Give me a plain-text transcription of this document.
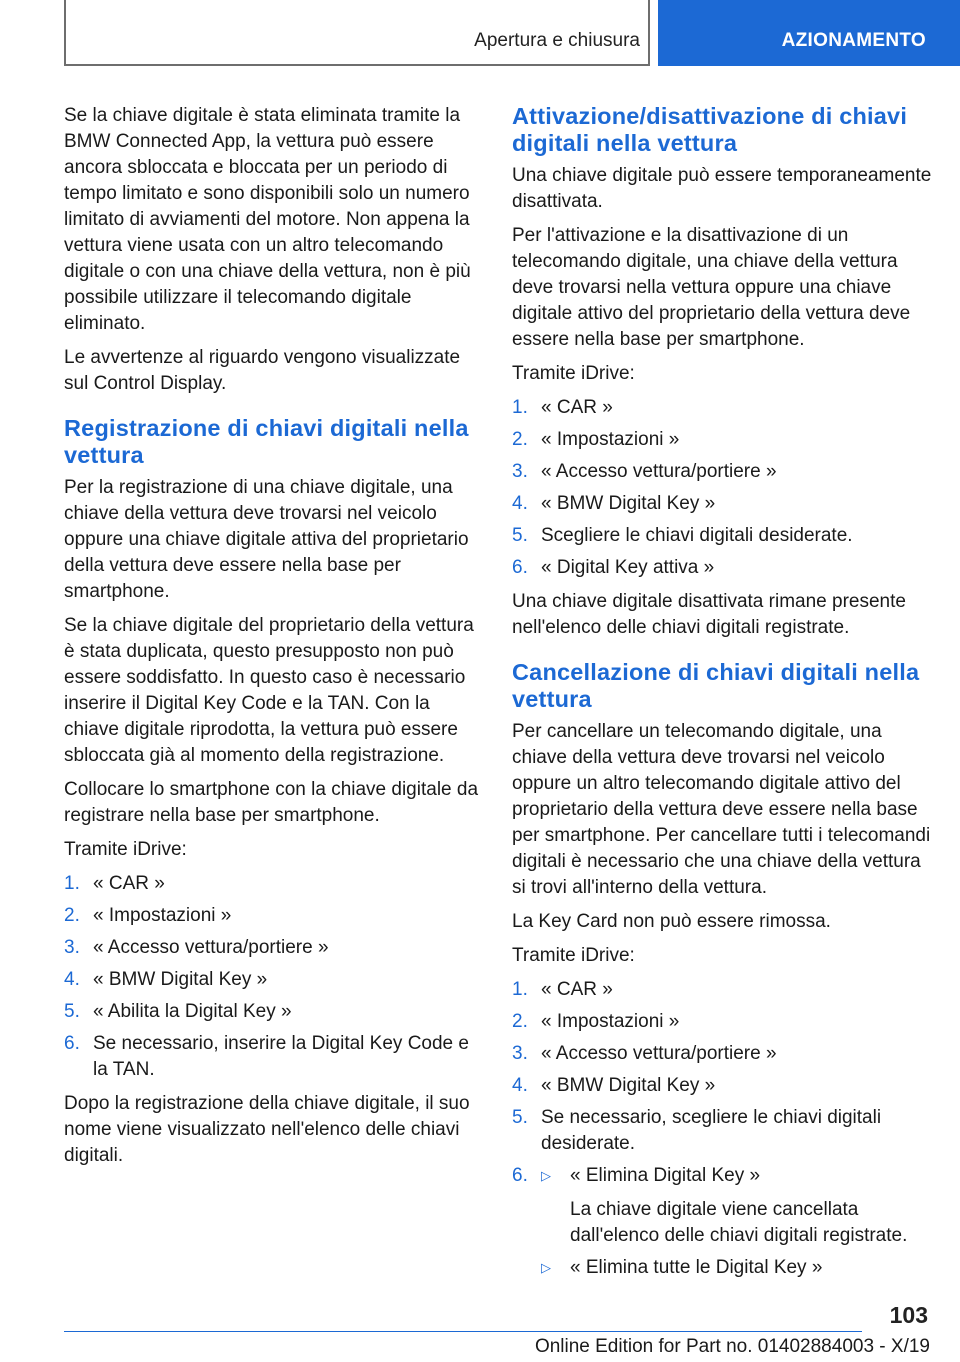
Apertura e chiusura	AZIONAMENTO

Se la chiave digitale è stata eliminata tramite la BMW Connected App, la vettura può essere ancora sbloccata e bloccata per un periodo di tempo limitato e sono disponibili solo un numero limitato di avviamenti del motore. Non appena la vettura viene usata con un altro telecomando digitale o con una chiave della vettura, non è più possibile utilizzare il telecomando digitale eliminato.

Le avvertenze al riguardo vengono visualizzate sul Control Display.

Registrazione di chiavi digitali nella vettura

Per la registrazione di una chiave digitale, una chiave della vettura deve trovarsi nel veicolo oppure una chiave digitale attiva del proprietario della vettura deve essere nella base per smartphone.

Se la chiave digitale del proprietario della vettura è stata duplicata, questo presupposto non può essere soddisfatto. In questo caso è necessario inserire il Digital Key Code e la TAN. Con la chiave digitale riprodotta, la vettura può essere sbloccata già al momento della registrazione.

Collocare lo smartphone con la chiave digitale da registrare nella base per smartphone.

Tramite iDrive:

1. « CAR »
2. « Impostazioni »
3. « Accesso vettura/portiere »
4. « BMW Digital Key »
5. « Abilita la Digital Key »
6. Se necessario, inserire la Digital Key Code e la TAN.

Dopo la registrazione della chiave digitale, il suo nome viene visualizzato nell'elenco delle chiavi digitali.

Attivazione/disattivazione di chiavi digitali nella vettura

Una chiave digitale può essere temporaneamente disattivata.

Per l'attivazione e la disattivazione di un telecomando digitale, una chiave della vettura deve trovarsi nella vettura oppure una chiave digitale attivo del proprietario della vettura deve essere nella base per smartphone.

Tramite iDrive:

1. « CAR »
2. « Impostazioni »
3. « Accesso vettura/portiere »
4. « BMW Digital Key »
5. Scegliere le chiavi digitali desiderate.
6. « Digital Key attiva »

Una chiave digitale disattivata rimane presente nell'elenco delle chiavi digitali registrate.

Cancellazione di chiavi digitali nella vettura

Per cancellare un telecomando digitale, una chiave della vettura deve trovarsi nel veicolo oppure un altro telecomando digitale attivo del proprietario della vettura deve essere nella base per smartphone. Per cancellare tutti i telecomandi digitali è necessario che una chiave della vettura si trovi all'interno della vettura.

La Key Card non può essere rimossa.

Tramite iDrive:

1. « CAR »
2. « Impostazioni »
3. « Accesso vettura/portiere »
4. « BMW Digital Key »
5. Se necessario, scegliere le chiavi digitali desiderate.
6. ▷ « Elimina Digital Key »
La chiave digitale viene cancellata dall'elenco delle chiavi digitali registrate.
▷ « Elimina tutte le Digital Key »
103
Online Edition for Part no. 01402884003 - X/19
